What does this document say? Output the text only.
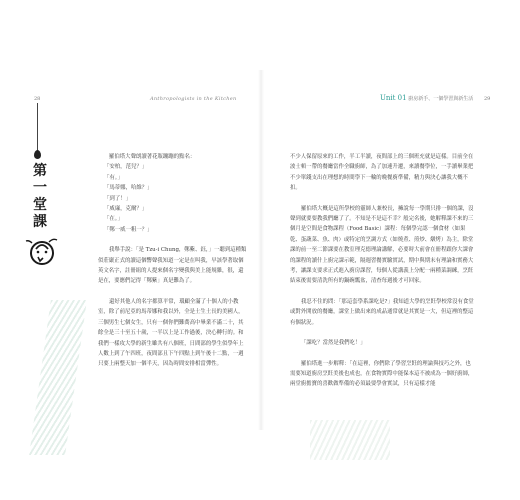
28	Anthropologists in the Kitchen	Unit 01 廚房新手、一個學習與新生活 29
第
一
堂
課

羅伯塔大聲朗讀著花瓶蹦蹦的點名：

「安柏，范兒？」

「有。」

「馬蒂娜，哈維？」

「到了！」

「威廉，克爾？」

「在。」

「鄭一威一粗一？」

我舉手說：「是 Tzu-i Chung，鄭紫、鈺，」一聽到這種類似莊嚴正式的讀這個響聲我知道一定是在叫我，早該學著取個英文名字，註冊組的人提來個名字變我與美上能規雜，很，還是在，要應們記得「鄭紫」真是難為了。

還好其他人的名字都算平常，環顧全滿了十個人的小教室，除了前尼亞的馬蒂娜和我以外，全是土生土長的美國人，三個男生七個女生，只有一個你們難喬高中畢業不滿二十，其餘全是三十至五十歲，一半以上是工作過後，決心轉行的。和我們一樣攻大學的新生雖共有八個班，日間部的學生似學年上人數上到了午四班，夜間部且下午四點上到午後十二點，一週只要上兩整天加一個半天，因為時間安排相當彈性。

不少人保留原來的工作，半工半讀，夜間部上的三個班充就是這樣。目前全在波士頓一帶的餐廳當作全職廚師，為了加速升遷，來讀餐學位，一手讀畢業把不少單錢支出在理想的時間學下一輪的晚餐廚準備，精力與決心讓我大概不扣。

羅伯塔大概是這所學校的靈師人兼校長，擁說每一學期只排一個的課，沒聲到就要要教我們廳了了。不知是不是這不幸？般完名後，她解釋課不來的三個月是空間是食物課程（Food Basic）課程：每個學完認一個食材（如果乾、蛋蔬菜、魚、肉）或特定的烹調方式（如燒煮、煎炒、燉烤）為主，除堂課的前一至二節課要在教室理克德理論講解，必要時大前會在冊程跟你大課會的課程的讀什上廚完課示範，隔週習餐實驗實試，期中與期末有理論和實務大考，讓課支要求正式進入廚房課習，每個人從講義上分配一兩種菜調練，烹飪結束後需要清洗所有的鍋碗瓢盆，清查每週後才可回家。

我忍不住的問：「那這套學系課吃是?」我知道大學的烹飪學校常沒有食堂或對外開放的餐廳，課堂上做出來的成品通常就是其實是一大，但這裡的整這有個狀況。

「課吃？當然是我們吃！」

羅伯塔進一步解釋：「在這裡，你們除了學習烹飪的理論與技巧之外，也需要知道廚房烹飪美後也成也，在食物實際中能保本這不被成為一個好廚師，兩堂廚擔寶的喜歡做準備的必須最要學會實試，只有這樣才能
